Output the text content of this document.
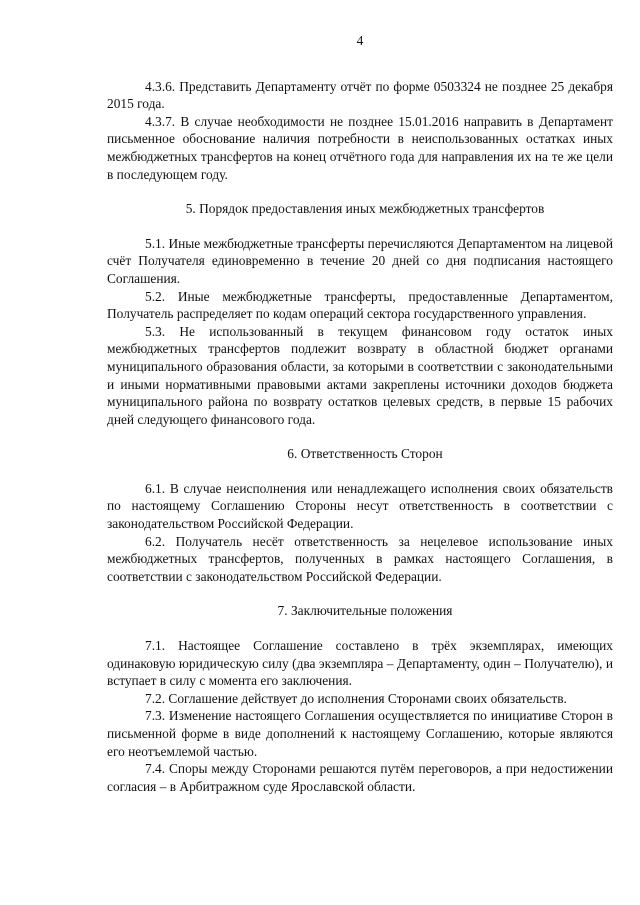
4

4.3.6. Представить Департаменту отчёт по форме 0503324 не позднее 25 декабря 2015 года.

4.3.7. В случае необходимости не позднее 15.01.2016 направить в Департамент письменное обоснование наличия потребности в неиспользованных остатках иных межбюджетных трансфертов на конец отчётного года для направления их на те же цели в последующем году.

5. Порядок предоставления иных межбюджетных трансфертов

5.1. Иные межбюджетные трансферты перечисляются Департаментом на лицевой счёт Получателя единовременно в течение 20 дней со дня подписания настоящего Соглашения.

5.2. Иные межбюджетные трансферты, предоставленные Департаментом, Получатель распределяет по кодам операций сектора государственного управления.

5.3. Не использованный в текущем финансовом году остаток иных межбюджетных трансфертов подлежит возврату в областной бюджет органами муниципального образования области, за которыми в соответствии с законодательными и иными нормативными правовыми актами закреплены источники доходов бюджета муниципального района по возврату остатков целевых средств, в первые 15 рабочих дней следующего финансового года.

6. Ответственность Сторон

6.1. В случае неисполнения или ненадлежащего исполнения своих обязательств по настоящему Соглашению Стороны несут ответственность в соответствии с законодательством Российской Федерации.

6.2. Получатель несёт ответственность за нецелевое использование иных межбюджетных трансфертов, полученных в рамках настоящего Соглашения, в соответствии с законодательством Российской Федерации.

7. Заключительные положения

7.1. Настоящее Соглашение составлено в трёх экземплярах, имеющих одинаковую юридическую силу (два экземпляра – Департаменту, один – Получателю), и вступает в силу с момента его заключения.

7.2. Соглашение действует до исполнения Сторонами своих обязательств.

7.3. Изменение настоящего Соглашения осуществляется по инициативе Сторон в письменной форме в виде дополнений к настоящему Соглашению, которые являются его неотъемлемой частью.

7.4. Споры между Сторонами решаются путём переговоров, а при недостижении согласия – в Арбитражном суде Ярославской области.
